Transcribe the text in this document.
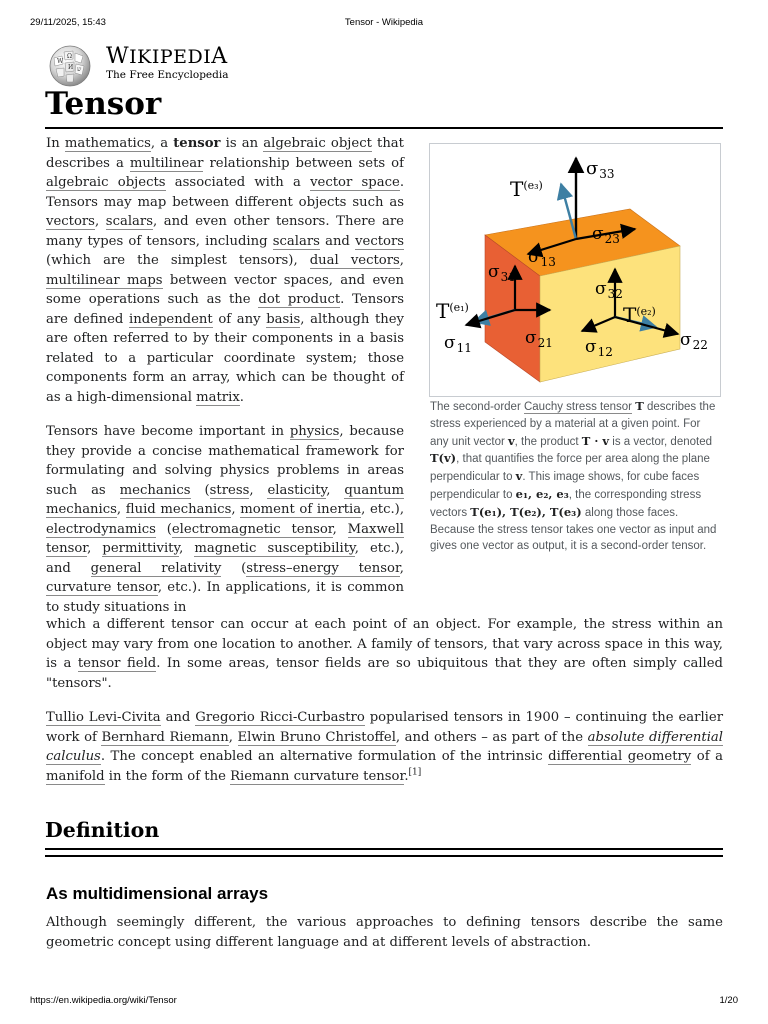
29/11/2025, 15:43	Tensor - Wikipedia
W
Ω
И ש
WIKIPEDIA
The Free Encyclopedia
Tensor

In mathematics, a tensor is an algebraic object that describes a multilinear relationship between sets of algebraic objects associated with a vector space. Tensors may map between different objects such as vectors, scalars, and even other tensors. There are many types of tensors, including scalars and vectors (which are the simplest tensors), dual vectors, multilinear maps between vector spaces, and even some operations such as the dot product. Tensors are defined independent of any basis, although they are often referred to by their components in a basis related to a particular coordinate system; those components form an array, which can be thought of as a high-dimensional matrix.

Tensors have become important in physics, because they provide a concise mathematical framework for formulating and solving physics problems in areas such as mechanics (stress, elasticity, quantum mechanics, fluid mechanics, moment of inertia, etc.), electrodynamics (electromagnetic tensor, Maxwell tensor, permittivity, magnetic susceptibility, etc.), and general relativity (stress–energy tensor, curvature tensor, etc.). In applications, it is common to study situations in

which a different tensor can occur at each point of an object. For example, the stress within an object may vary from one location to another. A family of tensors, that vary across space in this way, is a tensor field. In some areas, tensor fields are so ubiquitous that they are often simply called "tensors".

Tullio Levi-Civita and Gregorio Ricci-Curbastro popularised tensors in 1900 – continuing the earlier work of Bernhard Riemann, Elwin Bruno Christoffel, and others – as part of the absolute differential calculus. The concept enabled an alternative formulation of the intrinsic differential geometry of a manifold in the form of the Riemann curvature tensor.[1]

$\sigma_{33}$
$T^{(e_3)}$
$\sigma_{23}$
$\sigma_{13}$
$\sigma_{31}$
$\sigma_{32}$
$T^{(e_1)}$	$T^{(e_2)}$
$\sigma_{11}$	$\sigma_{21}$ $\sigma_{12}$
$\sigma_{22}$
The second-order Cauchy stress tensor T describes the stress experienced by a material at a given point. For any unit vector v, the product T · v is a vector, denoted T(v), that quantifies the force per area along the plane perpendicular to v. This image shows, for cube faces perpendicular to e₁, e₂, e₃, the corresponding stress vectors T(e₁), T(e₂), T(e₃) along those faces. Because the stress tensor takes one vector as input and gives one vector as output, it is a second-order tensor.
Definition
As multidimensional arrays

Although seemingly different, the various approaches to defining tensors describe the same geometric concept using different language and at different levels of abstraction.

https://en.wikipedia.org/wiki/Tensor	1/20
